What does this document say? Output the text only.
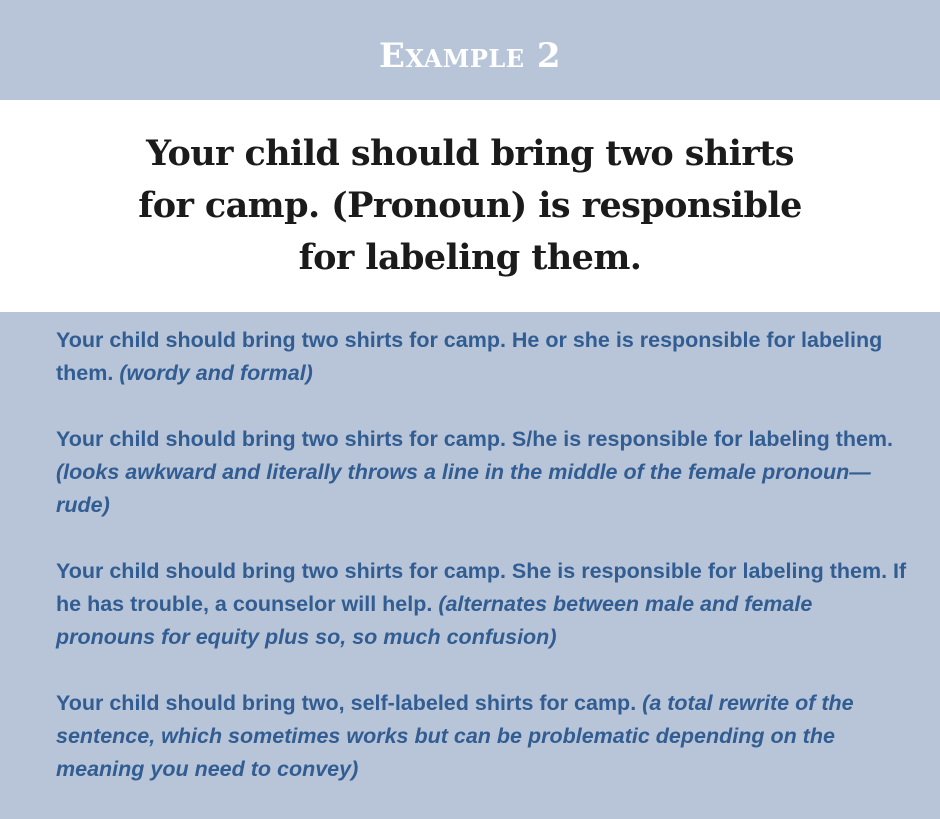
Example 2

Your child should bring two shirts for camp. (Pronoun) is responsible for labeling them.

Your child should bring two shirts for camp. He or she is responsible for labeling them. (wordy and formal)

Your child should bring two shirts for camp. S/he is responsible for labeling them. (looks awkward and literally throws a line in the middle of the female pronoun—rude)

Your child should bring two shirts for camp. She is responsible for labeling them. If he has trouble, a counselor will help. (alternates between male and female pronouns for equity plus so, so much confusion)

Your child should bring two, self-labeled shirts for camp. (a total rewrite of the sentence, which sometimes works but can be problematic depending on the meaning you need to convey)
